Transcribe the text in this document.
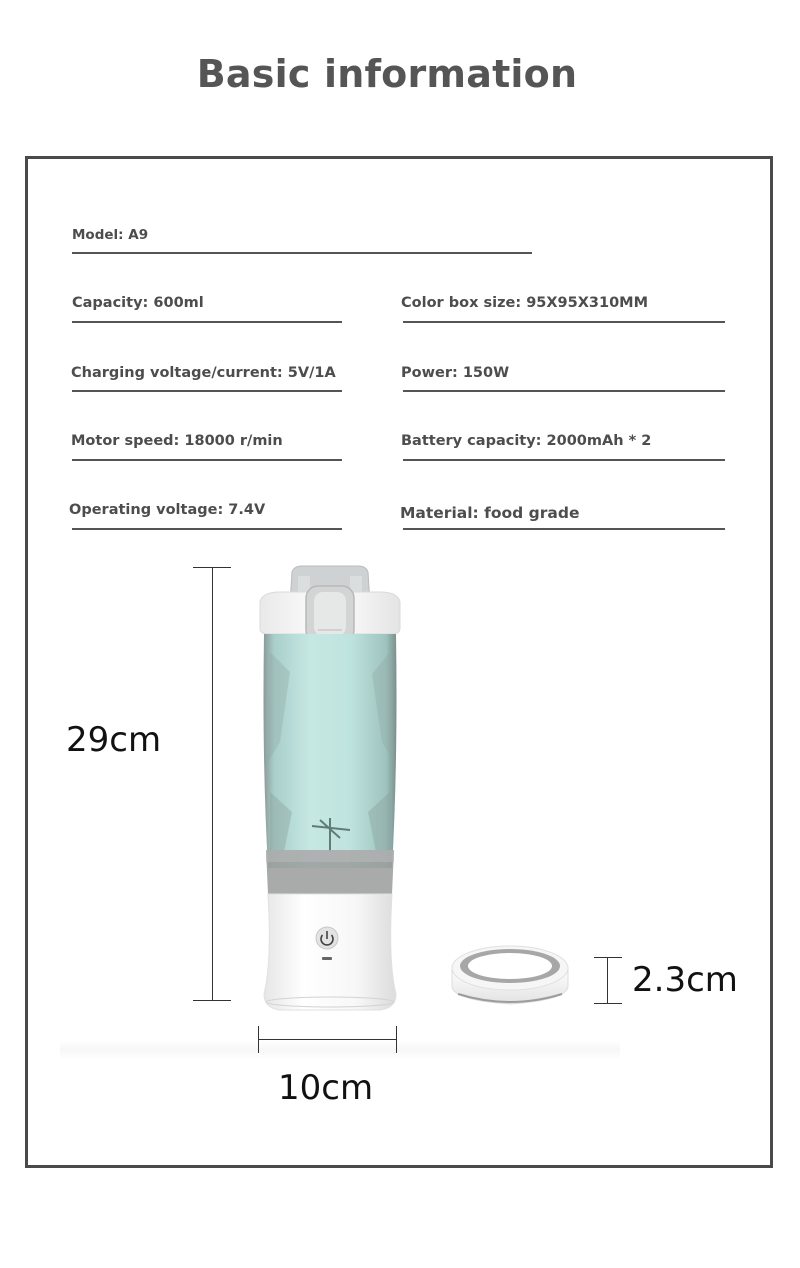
Basic information
Model: A9
Capacity: 600ml	Color box size: 95X95X310MM
Charging voltage/current: 5V/1A	Power: 150W
Motor speed: 18000 r/min	Battery capacity: 2000mAh * 2
Operating voltage: 7.4V	Material: food grade
29cm
10cm
2.3cm
